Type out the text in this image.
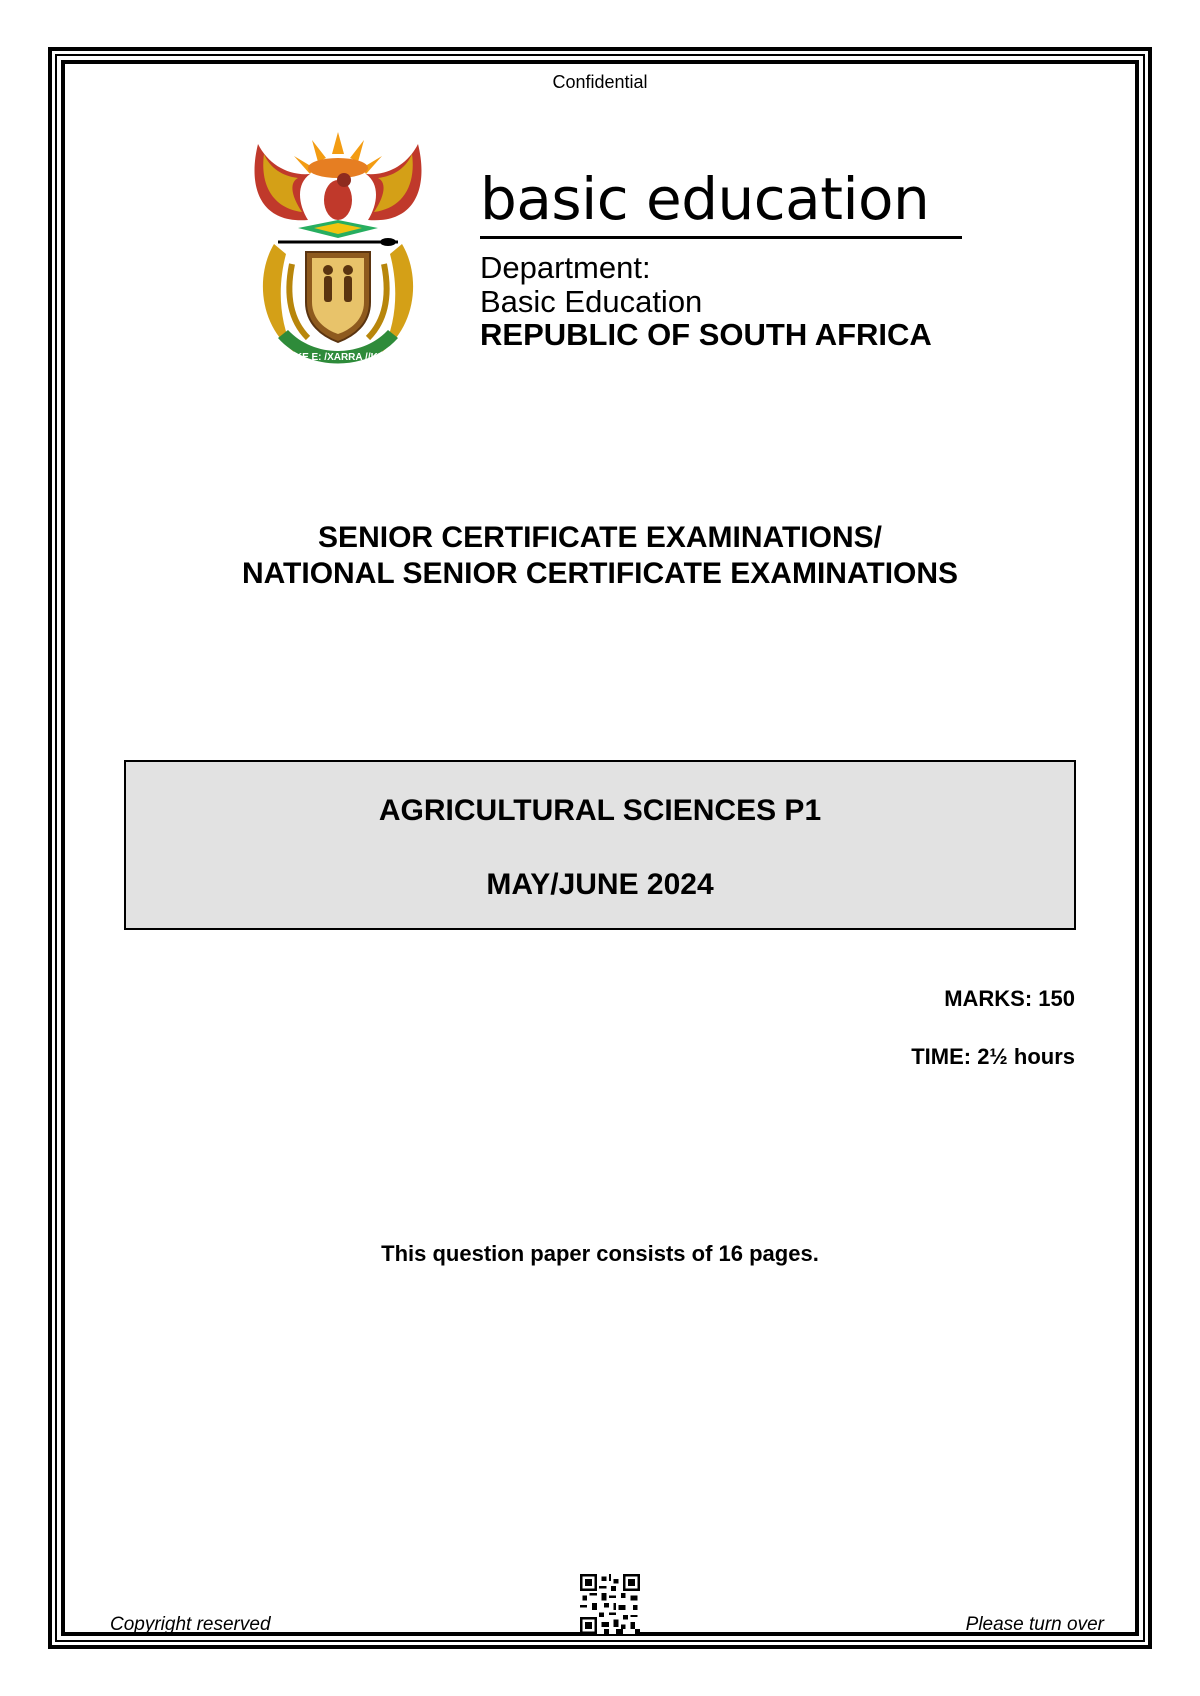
Confidential
!KE E: /XARRA //KE
basic education
Department:
Basic Education
REPUBLIC OF SOUTH AFRICA
SENIOR CERTIFICATE EXAMINATIONS/
NATIONAL SENIOR CERTIFICATE EXAMINATIONS
AGRICULTURAL SCIENCES P1
MAY/JUNE 2024
MARKS: 150
TIME: 2½ hours
This question paper consists of 16 pages.
Copyright reserved	Please turn over
